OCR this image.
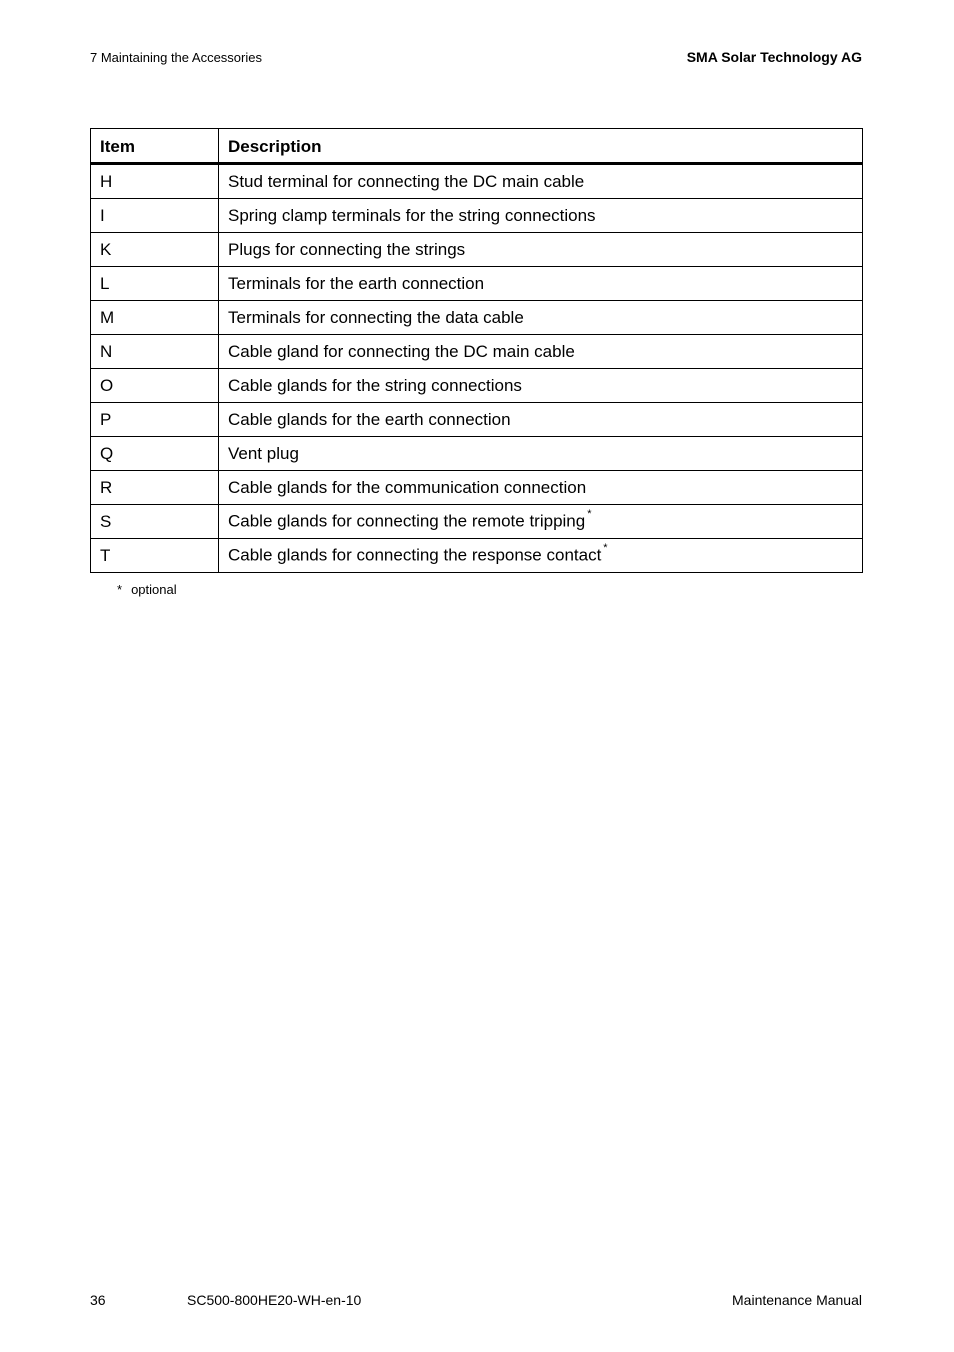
7 Maintaining the Accessories	SMA Solar Technology AG
Item	Description
H	Stud terminal for connecting the DC main cable
I	Spring clamp terminals for the string connections
K	Plugs for connecting the strings
L	Terminals for the earth connection
M	Terminals for connecting the data cable
N	Cable gland for connecting the DC main cable
O	Cable glands for the string connections
P	Cable glands for the earth connection
Q	Vent plug
R	Cable glands for the communication connection
S	Cable glands for connecting the remote tripping *
T	Cable glands for connecting the response contact *
* optional
36	SC500-800HE20-WH-en-10	Maintenance Manual
